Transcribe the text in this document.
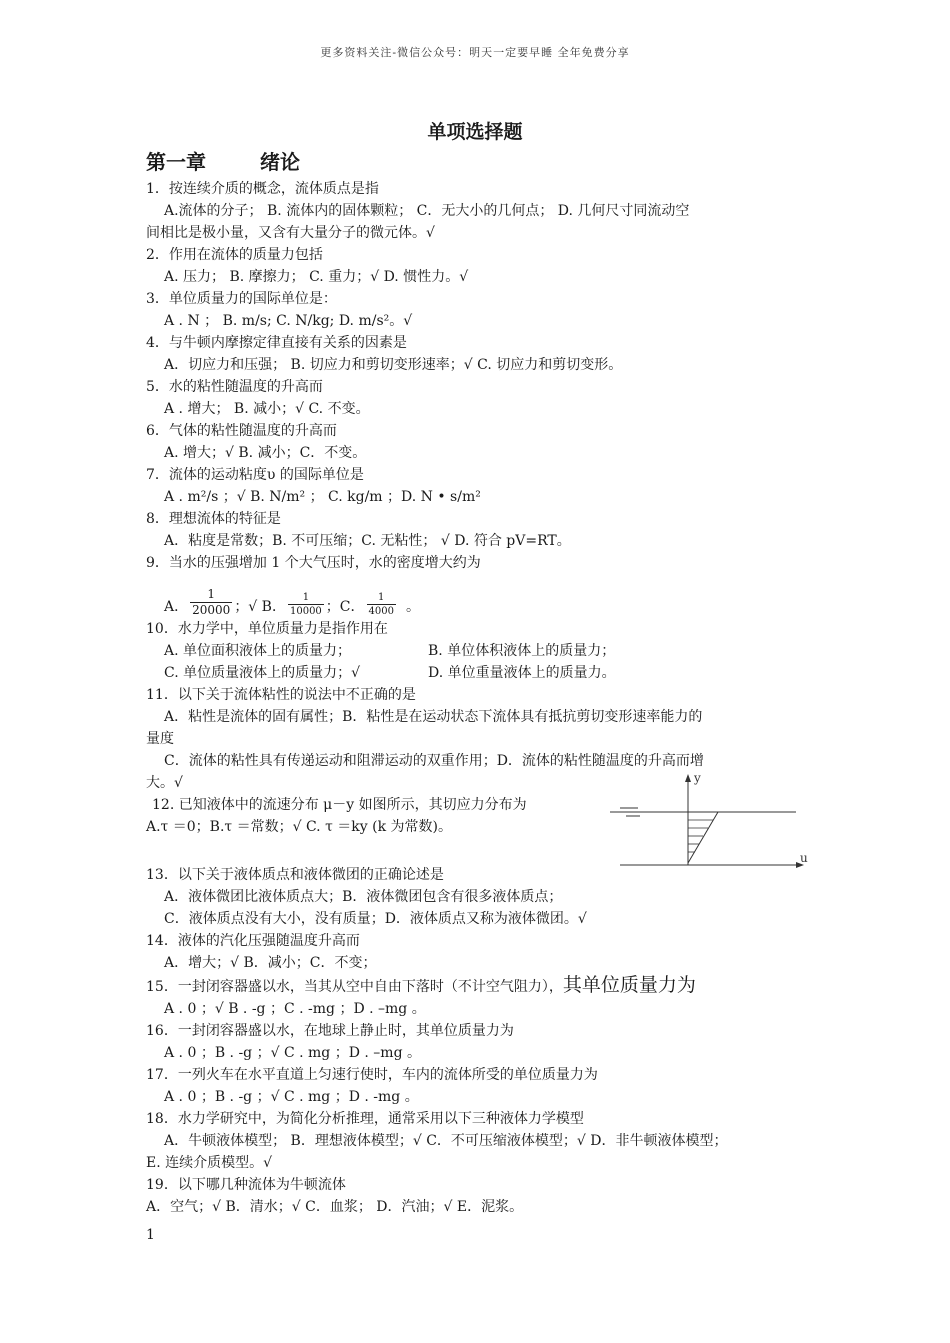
更多资料关注-微信公众号：明天一定要早睡 全年免费分享
单项选择题
第一章	绪论

1．按连续介质的概念，流体质点是指

A.流体的分子； B. 流体内的固体颗粒； C．无大小的几何点； D. 几何尺寸同流动空

间相比是极小量，又含有大量分子的微元体。√

2．作用在流体的质量力包括

A. 压力； B. 摩擦力； C. 重力；√ D. 惯性力。√

3．单位质量力的国际单位是：

A . N ； B. m/s; C. N/kg; D. m/s²。√

4．与牛顿内摩擦定律直接有关系的因素是

A．切应力和压强； B. 切应力和剪切变形速率；√ C. 切应力和剪切变形。

5．水的粘性随温度的升高而

A . 增大； B. 减小；√ C. 不变。

6．气体的粘性随温度的升高而

A. 增大；√ B. 减小；C．不变。

7．流体的运动粘度υ 的国际单位是

A . m²/s ；√ B. N/m² ； C. kg/m ；D. N • s/m²

8．理想流体的特征是

A．粘度是常数；B. 不可压缩；C. 无粘性； √ D. 符合 pV=RT。

9．当水的压强增加 1 个大气压时，水的密度增大约为

A． $\frac{1}{20000}$ ；√ B． $\frac{1}{10000}$ ；C． $\frac{1}{4000}$ 。

10．水力学中，单位质量力是指作用在

A. 单位面积液体上的质量力；	B. 单位体积液体上的质量力；
C. 单位质量液体上的质量力；√	D. 单位重量液体上的质量力。

11．以下关于流体粘性的说法中不正确的是

A．粘性是流体的固有属性；B．粘性是在运动状态下流体具有抵抗剪切变形速率能力的

量度

C．流体的粘性具有传递运动和阻滞运动的双重作用；D．流体的粘性随温度的升高而增

大。√

12. 已知液体中的流速分布 μ－y 如图所示，其切应力分布为

A.τ ＝0；B.τ ＝常数；√ C. τ ＝ky (k 为常数)。

13．以下关于液体质点和液体微团的正确论述是

A．液体微团比液体质点大；B．液体微团包含有很多液体质点；

C．液体质点没有大小，没有质量；D．液体质点又称为液体微团。√

14．液体的汽化压强随温度升高而

A．增大；√ B．减小；C．不变；

15．一封闭容器盛以水，当其从空中自由下落时（不计空气阻力），其单位质量力为

A . 0 ；√ B . -g ；C . -mg ；D . –mg 。

16．一封闭容器盛以水，在地球上静止时，其单位质量力为

A . 0 ；B . -g ；√ C . mg ；D . –mg 。

17．一列火车在水平直道上匀速行使时，车内的流体所受的单位质量力为

A . 0 ；B . -g ；√ C . mg ；D . -mg 。

18．水力学研究中，为简化分析推理，通常采用以下三种液体力学模型

A．牛顿液体模型； B．理想液体模型；√ C．不可压缩液体模型；√ D．非牛顿液体模型；

E. 连续介质模型。√

19．以下哪几种流体为牛顿流体

A．空气；√ B．清水；√ C．血浆； D．汽油；√ E．泥浆。

y
u
1
